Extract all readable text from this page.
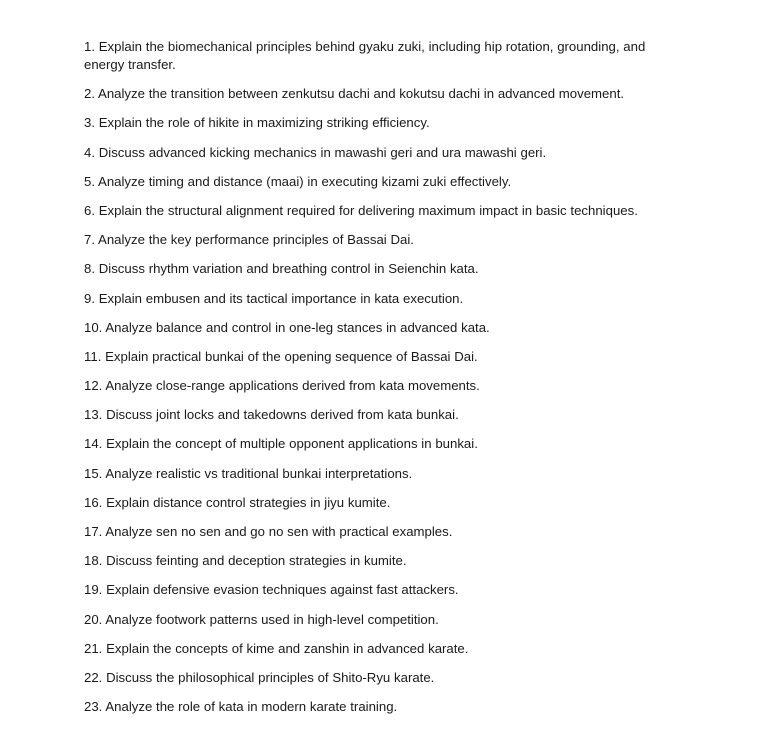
1. Explain the biomechanical principles behind gyaku zuki, including hip rotation, grounding, and energy transfer.
2. Analyze the transition between zenkutsu dachi and kokutsu dachi in advanced movement.
3. Explain the role of hikite in maximizing striking efficiency.
4. Discuss advanced kicking mechanics in mawashi geri and ura mawashi geri.
5. Analyze timing and distance (maai) in executing kizami zuki effectively.
6. Explain the structural alignment required for delivering maximum impact in basic techniques.
7. Analyze the key performance principles of Bassai Dai.
8. Discuss rhythm variation and breathing control in Seienchin kata.
9. Explain embusen and its tactical importance in kata execution.
10. Analyze balance and control in one-leg stances in advanced kata.
11. Explain practical bunkai of the opening sequence of Bassai Dai.
12. Analyze close-range applications derived from kata movements.
13. Discuss joint locks and takedowns derived from kata bunkai.
14. Explain the concept of multiple opponent applications in bunkai.
15. Analyze realistic vs traditional bunkai interpretations.
16. Explain distance control strategies in jiyu kumite.
17. Analyze sen no sen and go no sen with practical examples.
18. Discuss feinting and deception strategies in kumite.
19. Explain defensive evasion techniques against fast attackers.
20. Analyze footwork patterns used in high-level competition.
21. Explain the concepts of kime and zanshin in advanced karate.
22. Discuss the philosophical principles of Shito-Ryu karate.
23. Analyze the role of kata in modern karate training.
